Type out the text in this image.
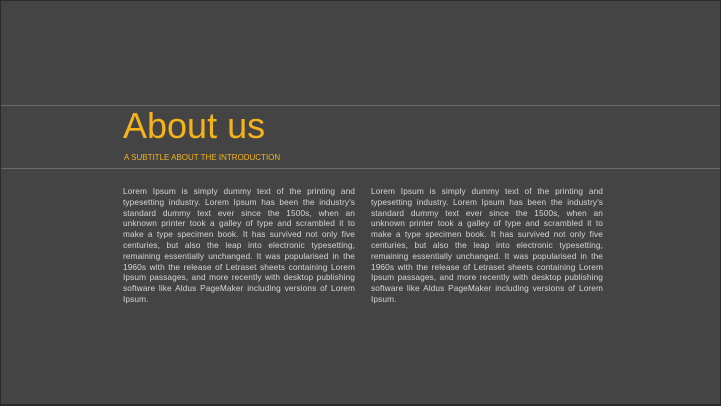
About us
A SUBTITLE ABOUT THE INTRODUCTION
Lorem Ipsum is simply dummy text of the printing and typesetting industry. Lorem Ipsum has been the industry's standard dummy text ever since the 1500s, when an unknown printer took a galley of type and scrambled it to make a type specimen book. It has survived not only five centuries, but also the leap into electronic typesetting, remaining essentially unchanged. It was popularised in the 1960s with the release of Letraset sheets containing Lorem Ipsum passages, and more recently with desktop publishing software like Aldus PageMaker including versions of Lorem Ipsum.
Lorem Ipsum is simply dummy text of the printing and typesetting industry. Lorem Ipsum has been the industry's standard dummy text ever since the 1500s, when an unknown printer took a galley of type and scrambled it to make a type specimen book. It has survived not only five centuries, but also the leap into electronic typesetting, remaining essentially unchanged. It was popularised in the 1960s with the release of Letraset sheets containing Lorem Ipsum passages, and more recently with desktop publishing software like Aldus PageMaker including versions of Lorem Ipsum.
